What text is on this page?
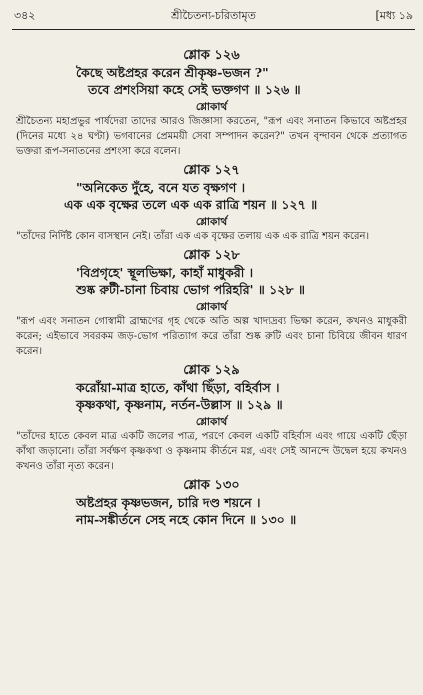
৩৪২	শ্রীচৈতন্য-চরিতামৃত	[মধ্য ১৯
শ্লোক ১২৬
কৈছে অষ্টপ্রহর করেন শ্রীকৃষ্ণ-ভজন ?"
তবে প্রশংসিয়া কহে সেই ভক্তগণ ॥ ১২৬ ॥
শ্লোকার্থ
শ্রীচৈতন্য মহাপ্রভুর পার্ষদেরা তাদের আরও জিজ্ঞাসা করতেন, "রূপ এবং সনাতন কিভাবে অষ্টপ্রহর (দিনের মধ্যে ২৪ ঘণ্টা) ভগবানের প্রেমময়ী সেবা সম্পাদন করেন?" তখন বৃন্দাবন থেকে প্রত্যাগত ভক্তরা রূপ-সনাতনের প্রশংসা করে বলেন।
শ্লোক ১২৭
"অনিকেত দুঁহে, বনে যত বৃক্ষগণ ।
এক এক বৃক্ষের তলে এক এক রাত্রি শয়ন ॥ ১২৭ ॥
শ্লোকার্থ
"তাঁদের নির্দিষ্ট কোন বাসস্থান নেই। তাঁরা এক এক বৃক্ষের তলায় এক এক রাত্রি শয়ন করেন।
শ্লোক ১২৮
'বিপ্রগৃহে' স্থূলভিক্ষা, কাহাঁ মাধুকরী ।
শুষ্ক রুটী-চানা চিবায় ভোগ পরিহরি' ॥ ১২৮ ॥
শ্লোকার্থ
"রূপ এবং সনাতন গোস্বামী ব্রাহ্মণের গৃহ থেকে অতি অল্প খাদ্যদ্রব্য ভিক্ষা করেন, কখনও মাধুকরী করেন; এইভাবে সবরকম জড়-ভোগ পরিত্যাগ করে তাঁরা শুষ্ক রুটি এবং চানা চিবিয়ে জীবন ধারণ করেন।
শ্লোক ১২৯
করোঁয়া-মাত্র হাতে, কাঁথা ছিঁড়া, বহির্বাস ।
কৃষ্ণকথা, কৃষ্ণনাম, নর্তন-উল্লাস ॥ ১২৯ ॥
শ্লোকার্থ
"তাঁদের হাতে কেবল মাত্র একটি জলের পাত্র, পরণে কেবল একটি বহির্বাস এবং গায়ে একটি ছেঁড়া কাঁথা জড়ানো। তাঁরা সর্বক্ষণ কৃষ্ণকথা ও কৃষ্ণনাম কীর্তনে মগ্ন, এবং সেই আনন্দে উদ্বেল হয়ে কখনও কখনও তাঁরা নৃত্য করেন।
শ্লোক ১৩০
অষ্টপ্রহর কৃষ্ণভজন, চারি দণ্ড শয়নে ।
নাম-সঙ্কীর্তনে সেহ নহে কোন দিনে ॥ ১৩০ ॥
